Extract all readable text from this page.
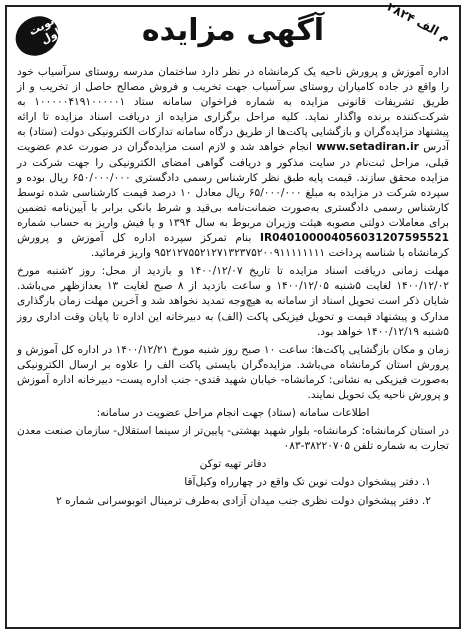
نوبت اول	آگهی مزایده
م الف ۲۸۲۴

اداره آموزش و پرورش ناحیه یک کرمانشاه در نظر دارد ساختمان مدرسه روستای سرآسیاب خود را واقع در جاده کامیاران روستای سرآسیاب جهت تخریب و فروش مصالح حاصل از تخریب و از طریق تشریفات قانونی مزایده به شماره فراخوان سامانه ستاد ۱۰۰۰۰۰۴۱۹۱۰۰۰۰۰۱ به شرکت‌کننده برنده واگذار نماید. کلیه مراحل برگزاری مزایده از دریافت اسناد مزایده تا ارائه پیشنهاد مزایده‌گران و بازگشایی پاکت‌ها از طریق درگاه سامانه تدارکات الکترونیکی دولت (ستاد) به آدرس www.setadiran.ir انجام خواهد شد و لازم است مزایده‌گران در صورت عدم عضویت قبلی، مراحل ثبت‌نام در سایت مذکور و دریافت گواهی امضای الکترونیکی را جهت شرکت در مزایده محقق سازند. قیمت پایه طبق نظر کارشناس رسمی دادگستری ۶۵۰/۰۰۰/۰۰۰ ریال بوده و سپرده شرکت در مزایده به مبلغ ۶۵/۰۰۰/۰۰۰ ریال معادل ۱۰ درصد قیمت کارشناسی شده توسط کارشناس رسمی دادگستری به‌صورت ضمانت‌نامه بی‌قید و شرط بانکی برابر با آیین‌نامه تضمین برای معاملات دولتی مصوبه هیئت وزیران مربوط به سال ۱۳۹۴ و یا فیش واریز به حساب شماره IR040100004056031207595521 بنام تمرکز سپرده اداره کل آموزش و پرورش کرمانشاه با شناسه پرداخت ۹۵۲۱۲۷۵۵۲۱۲۷۱۳۲۳۷۵۲۰۰۹۱۱۱۱۱۱۱۱ واریز فرمائید.

مهلت زمانی دریافت اسناد مزایده تا تاریخ ۱۴۰۰/۱۲/۰۷ و بازدید از محل: روز ۲شنبه مورخ ۱۴۰۰/۱۲/۰۲ لغایت ۵شنبه ۱۴۰۰/۱۲/۰۵ و ساعت بازدید از ۸ صبح لغایت ۱۳ بعدازظهر می‌باشد. شایان ذکر است تحویل اسناد از سامانه به هیچ‌وجه تمدید نخواهد شد و آخرین مهلت زمان بارگذاری مدارک و پیشنهاد قیمت و تحویل فیزیکی پاکت (الف) به دبیرخانه این اداره تا پایان وقت اداری روز ۵شنبه ۱۴۰۰/۱۲/۱۹ خواهد بود.

زمان و مکان بازگشایی پاکت‌ها: ساعت ۱۰ صبح روز شنبه مورخ ۱۴۰۰/۱۲/۲۱ در اداره کل آموزش و پرورش استان کرمانشاه می‌باشد. مزایده‌گران بایستی پاکت الف را علاوه بر ارسال الکترونیکی به‌صورت فیزیکی به نشانی: کرمانشاه- خیابان شهید قندی- جنب اداره پست- دبیرخانه اداره آموزش و پرورش ناحیه یک تحویل نمایند.

اطلاعات سامانه (ستاد) جهت انجام مراحل عضویت در سامانه:

در استان کرمانشاه: کرمانشاه- بلوار شهید بهشتی- پایین‌تر از سینما استقلال- سازمان صنعت معدن تجارت به شماره تلفن ۳۸۲۲۰۷۰۵-۰۸۳

دفاتر تهیه توکن

۱. دفتر پیشخوان دولت نوین تک واقع در چهارراه وکیل‌آقا

۲. دفتر پیشخوان دولت نظری جنب میدان آزادی به‌طرف ترمینال اتوبوسرانی شماره ۲
